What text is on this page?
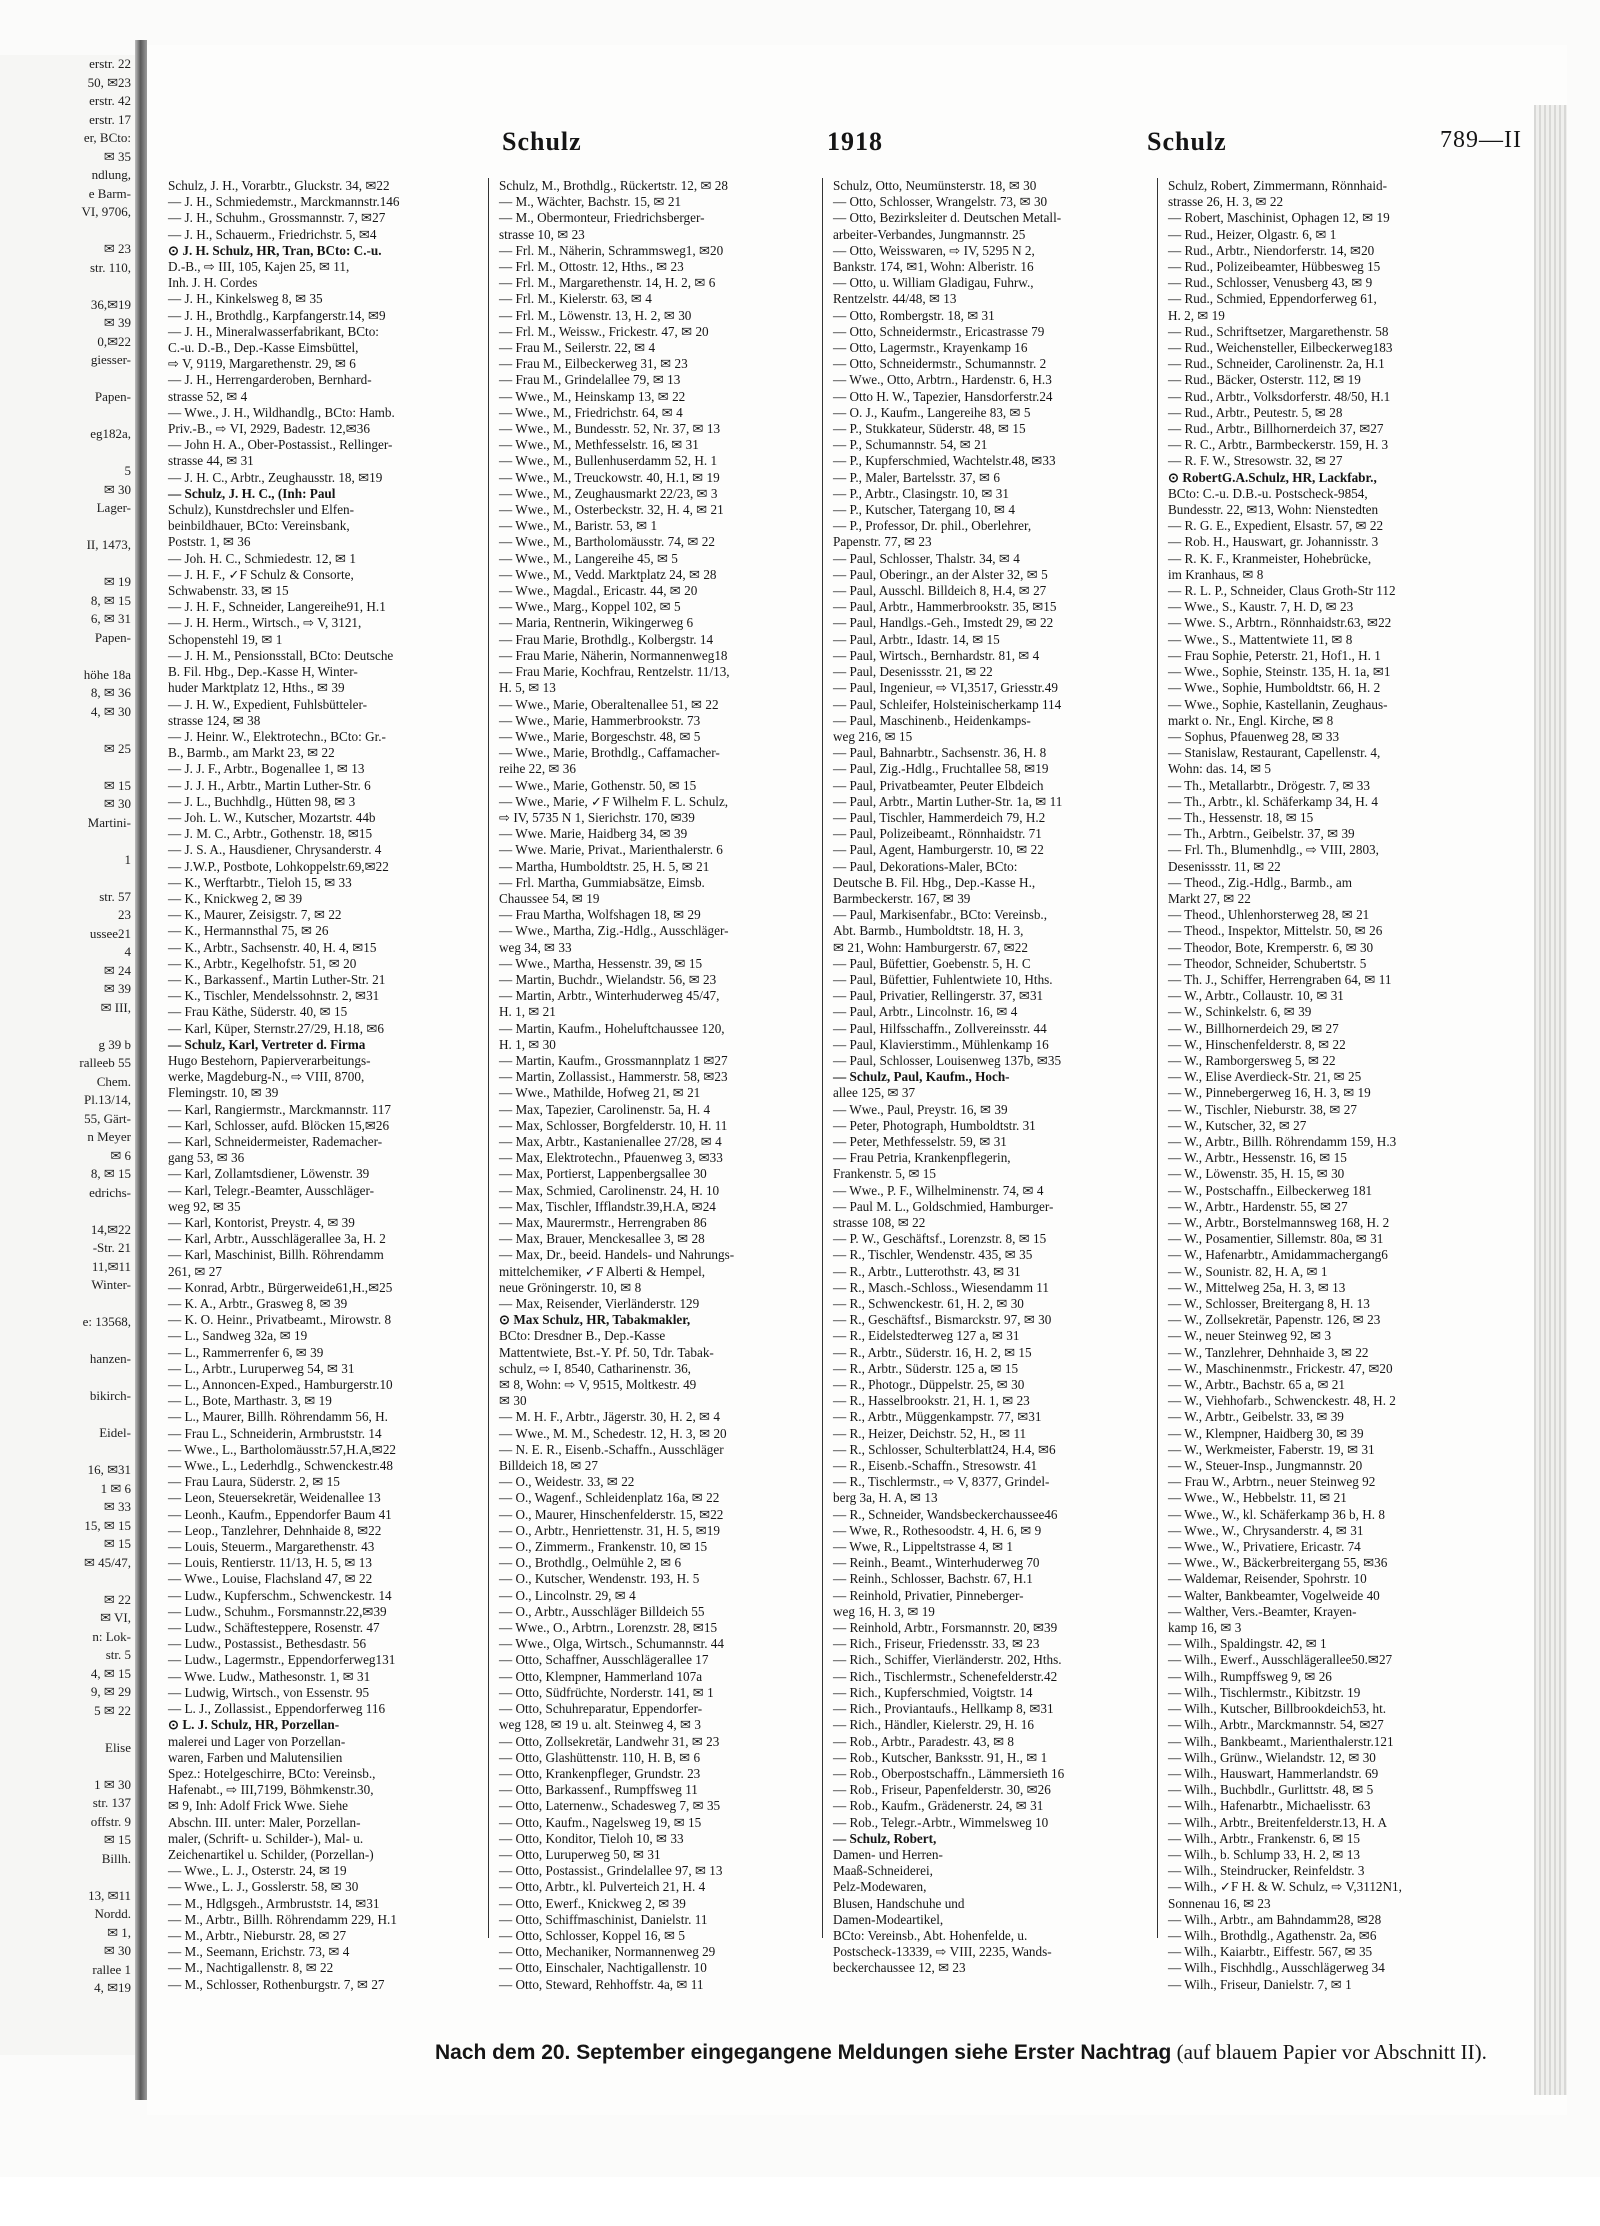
erstr. 22
50, ✉23
erstr. 42
erstr. 17
er, BCto:
✉ 35
ndlung,
e Barm-
VI, 9706,
✉ 23
str. 110,
36,✉19
✉ 39
0,✉22
giesser-
Papen-
eg182a,
5
✉ 30
Lager-
II, 1473,
✉ 19
8, ✉ 15
6, ✉ 31
Papen-
höhe 18a
8, ✉ 36
4, ✉ 30
✉ 25
✉ 15
✉ 30
Martini-
1
str. 57
23
ussee21
4
✉ 24
✉ 39
✉ III,
g 39 b
ralleeb 55
Chem.
Pl.13/14,
55, Gärt-
n Meyer
✉ 6
8, ✉ 15
edrichs-
14,✉22
-Str. 21
11,✉11
Winter-
e: 13568,
hanzen-
bikirch-
Eidel-
16, ✉31
1 ✉ 6
✉ 33
15, ✉ 15
✉ 15
✉ 45/47,
✉ 22
✉ VI,
n: Lok-
str. 5
4, ✉ 15
9, ✉ 29
5 ✉ 22
Elise
1 ✉ 30
str. 137
offstr. 9
✉ 15
Billh.
13, ✉11
Nordd.
✉ 1,
✉ 30
rallee 1
4, ✉19
Schulz	1918	Schulz	789—II
Schulz, J. H., Vorarbtr., Gluckstr. 34, ✉22
— J. H., Schmiedemstr., Marckmannstr.146
— J. H., Schuhm., Grossmannstr. 7, ✉27
— J. H., Schauerm., Friedrichstr. 5, ✉4
⊙ J. H. Schulz, HR, Tran, BCto: C.-u.
D.-B., ⇨ III, 105, Kajen 25, ✉ 11,
Inh. J. H. Cordes
— J. H., Kinkelsweg 8, ✉ 35
— J. H., Brothdlg., Karpfangerstr.14, ✉9
— J. H., Mineralwasserfabrikant, BCto:
C.-u. D.-B., Dep.-Kasse Eimsbüttel,
⇨ V, 9119, Margarethenstr. 29, ✉ 6
— J. H., Herrengarderoben, Bernhard-
strasse 52, ✉ 4
— Wwe., J. H., Wildhandlg., BCto: Hamb.
Priv.-B., ⇨ VI, 2929, Badestr. 12,✉36
— John H. A., Ober-Postassist., Rellinger-
strasse 44, ✉ 31
— J. H. C., Arbtr., Zeughausstr. 18, ✉19
— Schulz, J. H. C., (Inh: Paul
Schulz), Kunstdrechsler und Elfen-
beinbildhauer, BCto: Vereinsbank,
Poststr. 1, ✉ 36
— Joh. H. C., Schmiedestr. 12, ✉ 1
— J. H. F., ✓F Schulz & Consorte,
Schwabenstr. 33, ✉ 15
— J. H. F., Schneider, Langereihe91, H.1
— J. H. Herm., Wirtsch., ⇨ V, 3121,
Schopenstehl 19, ✉ 1
— J. H. M., Pensionsstall, BCto: Deutsche
B. Fil. Hbg., Dep.-Kasse H, Winter-
huder Marktplatz 12, Hths., ✉ 39
— J. H. W., Expedient, Fuhlsbütteler-
strasse 124, ✉ 38
— J. Heinr. W., Elektrotechn., BCto: Gr.-
B., Barmb., am Markt 23, ✉ 22
— J. J. F., Arbtr., Bogenallee 1, ✉ 13
— J. J. H., Arbtr., Martin Luther-Str. 6
— J. L., Buchhdlg., Hütten 98, ✉ 3
— Joh. L. W., Kutscher, Mozartstr. 44b
— J. M. C., Arbtr., Gothenstr. 18, ✉15
— J. S. A., Hausdiener, Chrysanderstr. 4
— J.W.P., Postbote, Lohkoppelstr.69,✉22
— K., Werftarbtr., Tieloh 15, ✉ 33
— K., Knickweg 2, ✉ 39
— K., Maurer, Zeisigstr. 7, ✉ 22
— K., Hermannsthal 75, ✉ 26
— K., Arbtr., Sachsenstr. 40, H. 4, ✉15
— K., Arbtr., Kegelhofstr. 51, ✉ 20
— K., Barkassenf., Martin Luther-Str. 21
— K., Tischler, Mendelssohnstr. 2, ✉31
— Frau Käthe, Süderstr. 40, ✉ 15
— Karl, Küper, Sternstr.27/29, H.18, ✉6
— Schulz, Karl, Vertreter d. Firma
Hugo Bestehorn, Papierverarbeitungs-
werke, Magdeburg-N., ⇨ VIII, 8700,
Flemingstr. 10, ✉ 39
— Karl, Rangiermstr., Marckmannstr. 117
— Karl, Schlosser, aufd. Blöcken 15,✉26
— Karl, Schneidermeister, Rademacher-
gang 53, ✉ 36
— Karl, Zollamtsdiener, Löwenstr. 39
— Karl, Telegr.-Beamter, Ausschläger-
weg 92, ✉ 35
— Karl, Kontorist, Preystr. 4, ✉ 39
— Karl, Arbtr., Ausschlägerallee 3a, H. 2
— Karl, Maschinist, Billh. Röhrendamm
261, ✉ 27
— Konrad, Arbtr., Bürgerweide61,H.,✉25
— K. A., Arbtr., Grasweg 8, ✉ 39
— K. O. Heinr., Privatbeamt., Mirowstr. 8
— L., Sandweg 32a, ✉ 19
— L., Rammerrenfer 6, ✉ 39
— L., Arbtr., Luruperweg 54, ✉ 31
— L., Annoncen-Exped., Hamburgerstr.10
— L., Bote, Marthastr. 3, ✉ 19
— L., Maurer, Billh. Röhrendamm 56, H.
— Frau L., Schneiderin, Armbruststr. 14
— Wwe., L., Bartholomäusstr.57,H.A,✉22
— Wwe., L., Lederhdlg., Schwenckestr.48
— Frau Laura, Süderstr. 2, ✉ 15
— Leon, Steuersekretär, Weidenallee 13
— Leonh., Kaufm., Eppendorfer Baum 41
— Leop., Tanzlehrer, Dehnhaide 8, ✉22
— Louis, Steuerm., Margarethenstr. 43
— Louis, Rentierstr. 11/13, H. 5, ✉ 13
— Wwe., Louise, Flachsland 47, ✉ 22
— Ludw., Kupferschm., Schwenckestr. 14
— Ludw., Schuhm., Forsmannstr.22,✉39
— Ludw., Schäftesteppere, Rosenstr. 47
— Ludw., Postassist., Bethesdastr. 56
— Ludw., Lagermstr., Eppendorferweg131
— Wwe. Ludw., Mathesonstr. 1, ✉ 31
— Ludwig, Wirtsch., von Essenstr. 95
— L. J., Zollassist., Eppendorferweg 116
⊙ L. J. Schulz, HR, Porzellan-
malerei und Lager von Porzellan-
waren, Farben und Malutensilien
Spez.: Hotelgeschirre, BCto: Vereinsb.,
Hafenabt., ⇨ III,7199, Böhmkenstr.30,
✉ 9, Inh: Adolf Frick Wwe. Siehe
Abschn. III. unter: Maler, Porzellan-
maler, (Schrift- u. Schilder-), Mal- u.
Zeichenartikel u. Schilder, (Porzellan-)
— Wwe., L. J., Osterstr. 24, ✉ 19
— Wwe., L. J., Gosslerstr. 58, ✉ 30
— M., Hdlgsgeh., Armbruststr. 14, ✉31
— M., Arbtr., Billh. Röhrendamm 229, H.1
— M., Arbtr., Nieburstr. 28, ✉ 27
— M., Seemann, Erichstr. 73, ✉ 4
— M., Nachtigallenstr. 8, ✉ 22
— M., Schlosser, Rothenburgstr. 7, ✉ 27
Schulz, M., Brothdlg., Rückertstr. 12, ✉ 28
— M., Wächter, Bachstr. 15, ✉ 21
— M., Obermonteur, Friedrichsberger-
strasse 10, ✉ 23
— Frl. M., Näherin, Schrammsweg1, ✉20
— Frl. M., Ottostr. 12, Hths., ✉ 23
— Frl. M., Margarethenstr. 14, H. 2, ✉ 6
— Frl. M., Kielerstr. 63, ✉ 4
— Frl. M., Löwenstr. 13, H. 2, ✉ 30
— Frl. M., Weissw., Frickestr. 47, ✉ 20
— Frau M., Seilerstr. 22, ✉ 4
— Frau M., Eilbeckerweg 31, ✉ 23
— Frau M., Grindelallee 79, ✉ 13
— Wwe., M., Heinskamp 13, ✉ 22
— Wwe., M., Friedrichstr. 64, ✉ 4
— Wwe., M., Bundesstr. 52, Nr. 37, ✉ 13
— Wwe., M., Methfesselstr. 16, ✉ 31
— Wwe., M., Bullenhuserdamm 52, H. 1
— Wwe., M., Treuckowstr. 40, H.1, ✉ 19
— Wwe., M., Zeughausmarkt 22/23, ✉ 3
— Wwe., M., Osterbeckstr. 32, H. 4, ✉ 21
— Wwe., M., Baristr. 53, ✉ 1
— Wwe., M., Bartholomäusstr. 74, ✉ 22
— Wwe., M., Langereihe 45, ✉ 5
— Wwe., M., Vedd. Marktplatz 24, ✉ 28
— Wwe., Magdal., Ericastr. 44, ✉ 20
— Wwe., Marg., Koppel 102, ✉ 5
— Maria, Rentnerin, Wikingerweg 6
— Frau Marie, Brothdlg., Kolbergstr. 14
— Frau Marie, Näherin, Normannenweg18
— Frau Marie, Kochfrau, Rentzelstr. 11/13,
H. 5, ✉ 13
— Wwe., Marie, Oberaltenallee 51, ✉ 22
— Wwe., Marie, Hammerbrookstr. 73
— Wwe., Marie, Borgeschstr. 48, ✉ 5
— Wwe., Marie, Brothdlg., Caffamacher-
reihe 22, ✉ 36
— Wwe., Marie, Gothenstr. 50, ✉ 15
— Wwe., Marie, ✓F Wilhelm F. L. Schulz,
⇨ IV, 5735 N 1, Sierichstr. 170, ✉39
— Wwe. Marie, Haidberg 34, ✉ 39
— Wwe. Marie, Privat., Marienthalerstr. 6
— Martha, Humboldtstr. 25, H. 5, ✉ 21
— Frl. Martha, Gummiabsätze, Eimsb.
Chaussee 54, ✉ 19
— Frau Martha, Wolfshagen 18, ✉ 29
— Wwe., Martha, Zig.-Hdlg., Ausschläger-
weg 34, ✉ 33
— Wwe., Martha, Hessenstr. 39, ✉ 15
— Martin, Buchdr., Wielandstr. 56, ✉ 23
— Martin, Arbtr., Winterhuderweg 45/47,
H. 1, ✉ 21
— Martin, Kaufm., Hoheluftchaussee 120,
H. 1, ✉ 30
— Martin, Kaufm., Grossmannplatz 1 ✉27
— Martin, Zollassist., Hammerstr. 58, ✉23
— Wwe., Mathilde, Hofweg 21, ✉ 21
— Max, Tapezier, Carolinenstr. 5a, H. 4
— Max, Schlosser, Borgfelderstr. 10, H. 11
— Max, Arbtr., Kastanienallee 27/28, ✉ 4
— Max, Elektrotechn., Pfauenweg 3, ✉33
— Max, Portierst, Lappenbergsallee 30
— Max, Schmied, Carolinenstr. 24, H. 10
— Max, Tischler, Ifflandstr.39,H.A, ✉24
— Max, Maurermstr., Herrengraben 86
— Max, Brauer, Menckesallee 3, ✉ 28
— Max, Dr., beeid. Handels- und Nahrungs-
mittelchemiker, ✓F Alberti & Hempel,
neue Gröningerstr. 10, ✉ 8
— Max, Reisender, Vierländerstr. 129
⊙ Max Schulz, HR, Tabakmakler,
BCto: Dresdner B., Dep.-Kasse
Mattentwiete, Bst.-Y. Pf. 50, Tdr. Tabak-
schulz, ⇨ I, 8540, Catharinenstr. 36,
✉ 8, Wohn: ⇨ V, 9515, Moltkestr. 49
✉ 30
— M. H. F., Arbtr., Jägerstr. 30, H. 2, ✉ 4
— Wwe., M. M., Schedestr. 12, H. 3, ✉ 20
— N. E. R., Eisenb.-Schaffn., Ausschläger
Billdeich 18, ✉ 27
— O., Weidestr. 33, ✉ 22
— O., Wagenf., Schleidenplatz 16a, ✉ 22
— O., Maurer, Hinschenfelderstr. 15, ✉22
— O., Arbtr., Henriettenstr. 31, H. 5, ✉19
— O., Zimmerm., Frankenstr. 10, ✉ 15
— O., Brothdlg., Oelmühle 2, ✉ 6
— O., Kutscher, Wendenstr. 193, H. 5
— O., Lincolnstr. 29, ✉ 4
— O., Arbtr., Ausschläger Billdeich 55
— Wwe., O., Arbtrn., Lorenzstr. 28, ✉15
— Wwe., Olga, Wirtsch., Schumannstr. 44
— Otto, Schaffner, Ausschlägerallee 17
— Otto, Klempner, Hammerland 107a
— Otto, Südfrüchte, Norderstr. 141, ✉ 1
— Otto, Schuhreparatur, Eppendorfer-
weg 128, ✉ 19 u. alt. Steinweg 4, ✉ 3
— Otto, Zollsekretär, Landwehr 31, ✉ 23
— Otto, Glashüttenstr. 110, H. B, ✉ 6
— Otto, Krankenpfleger, Grundstr. 23
— Otto, Barkassenf., Rumpffsweg 11
— Otto, Laternenw., Schadesweg 7, ✉ 35
— Otto, Kaufm., Nagelsweg 19, ✉ 15
— Otto, Konditor, Tieloh 10, ✉ 33
— Otto, Luruperweg 50, ✉ 31
— Otto, Postassist., Grindelallee 97, ✉ 13
— Otto, Arbtr., kl. Pulverteich 21, H. 4
— Otto, Ewerf., Knickweg 2, ✉ 39
— Otto, Schiffmaschinist, Danielstr. 11
— Otto, Schlosser, Koppel 16, ✉ 5
— Otto, Mechaniker, Normannenweg 29
— Otto, Einschaler, Nachtigallenstr. 10
— Otto, Steward, Rehhoffstr. 4a, ✉ 11
Schulz, Otto, Neumünsterstr. 18, ✉ 30
— Otto, Schlosser, Wrangelstr. 73, ✉ 30
— Otto, Bezirksleiter d. Deutschen Metall-
arbeiter-Verbandes, Jungmannstr. 25
— Otto, Weisswaren, ⇨ IV, 5295 N 2,
Bankstr. 174, ✉1, Wohn: Alberistr. 16
— Otto, u. William Gladigau, Fuhrw.,
Rentzelstr. 44/48, ✉ 13
— Otto, Rombergstr. 18, ✉ 31
— Otto, Schneidermstr., Ericastrasse 79
— Otto, Lagermstr., Krayenkamp 16
— Otto, Schneidermstr., Schumannstr. 2
— Wwe., Otto, Arbtrn., Hardenstr. 6, H.3
— Otto H. W., Tapezier, Hansdorferstr.24
— O. J., Kaufm., Langereihe 83, ✉ 5
— P., Stukkateur, Süderstr. 48, ✉ 15
— P., Schumannstr. 54, ✉ 21
— P., Kupferschmied, Wachtelstr.48, ✉33
— P., Maler, Bartelsstr. 37, ✉ 6
— P., Arbtr., Clasingstr. 10, ✉ 31
— P., Kutscher, Tatergang 10, ✉ 4
— P., Professor, Dr. phil., Oberlehrer,
Papenstr. 77, ✉ 23
— Paul, Schlosser, Thalstr. 34, ✉ 4
— Paul, Oberingr., an der Alster 32, ✉ 5
— Paul, Ausschl. Billdeich 8, H.4, ✉ 27
— Paul, Arbtr., Hammerbrookstr. 35, ✉15
— Paul, Handlgs.-Geh., Imstedt 29, ✉ 22
— Paul, Arbtr., Idastr. 14, ✉ 15
— Paul, Wirtsch., Bernhardstr. 81, ✉ 4
— Paul, Desenissstr. 21, ✉ 22
— Paul, Ingenieur, ⇨ VI,3517, Griesstr.49
— Paul, Schleifer, Holsteinischerkamp 114
— Paul, Maschinenb., Heidenkamps-
weg 216, ✉ 15
— Paul, Bahnarbtr., Sachsenstr. 36, H. 8
— Paul, Zig.-Hdlg., Fruchtallee 58, ✉19
— Paul, Privatbeamter, Peuter Elbdeich
— Paul, Arbtr., Martin Luther-Str. 1a, ✉ 11
— Paul, Tischler, Hammerdeich 79, H.2
— Paul, Polizeibeamt., Rönnhaidstr. 71
— Paul, Agent, Hamburgerstr. 10, ✉ 22
— Paul, Dekorations-Maler, BCto:
Deutsche B. Fil. Hbg., Dep.-Kasse H.,
Barmbeckerstr. 167, ✉ 39
— Paul, Markisenfabr., BCto: Vereinsb.,
Abt. Barmb., Humboldtstr. 18, H. 3,
✉ 21, Wohn: Hamburgerstr. 67, ✉22
— Paul, Büfettier, Goebenstr. 5, H. C
— Paul, Büfettier, Fuhlentwiete 10, Hths.
— Paul, Privatier, Rellingerstr. 37, ✉31
— Paul, Arbtr., Lincolnstr. 16, ✉ 4
— Paul, Hilfsschaffn., Zollvereinsstr. 44
— Paul, Klavierstimm., Mühlenkamp 16
— Paul, Schlosser, Louisenweg 137b, ✉35
— Schulz, Paul, Kaufm., Hoch-
allee 125, ✉ 37
— Wwe., Paul, Preystr. 16, ✉ 39
— Peter, Photograph, Humboldtstr. 31
— Peter, Methfesselstr. 59, ✉ 31
— Frau Petria, Krankenpflegerin,
Frankenstr. 5, ✉ 15
— Wwe., P. F., Wilhelminenstr. 74, ✉ 4
— Paul M. L., Goldschmied, Hamburger-
strasse 108, ✉ 22
— P. W., Geschäftsf., Lorenzstr. 8, ✉ 15
— R., Tischler, Wendenstr. 435, ✉ 35
— R., Arbtr., Lutterothstr. 43, ✉ 31
— R., Masch.-Schloss., Wiesendamm 11
— R., Schwenckestr. 61, H. 2, ✉ 30
— R., Geschäftsf., Bismarckstr. 97, ✉ 30
— R., Eidelstedterweg 127 a, ✉ 31
— R., Arbtr., Süderstr. 16, H. 2, ✉ 15
— R., Arbtr., Süderstr. 125 a, ✉ 15
— R., Photogr., Düppelstr. 25, ✉ 30
— R., Hasselbrookstr. 21, H. 1, ✉ 23
— R., Arbtr., Müggenkampstr. 77, ✉31
— R., Heizer, Deichstr. 52, H., ✉ 11
— R., Schlosser, Schulterblatt24, H.4, ✉6
— R., Eisenb.-Schaffn., Stresowstr. 41
— R., Tischlermstr., ⇨ V, 8377, Grindel-
berg 3a, H. A, ✉ 13
— R., Schneider, Wandsbeckerchaussee46
— Wwe, R., Rothesoodstr. 4, H. 6, ✉ 9
— Wwe, R., Lippeltstrasse 4, ✉ 1
— Reinh., Beamt., Winterhuderweg 70
— Reinh., Schlosser, Bachstr. 67, H.1
— Reinhold, Privatier, Pinneberger-
weg 16, H. 3, ✉ 19
— Reinhold, Arbtr., Forsmannstr. 20, ✉39
— Rich., Friseur, Friedensstr. 33, ✉ 23
— Rich., Schiffer, Vierländerstr. 202, Hths.
— Rich., Tischlermstr., Schenefelderstr.42
— Rich., Kupferschmied, Voigtstr. 14
— Rich., Proviantaufs., Hellkamp 8, ✉31
— Rich., Händler, Kielerstr. 29, H. 16
— Rob., Arbtr., Paradestr. 43, ✉ 8
— Rob., Kutscher, Banksstr. 91, H., ✉ 1
— Rob., Oberpostschaffn., Lämmersieth 16
— Rob., Friseur, Papenfelderstr. 30, ✉26
— Rob., Kaufm., Grädenerstr. 24, ✉ 31
— Rob., Telegr.-Arbtr., Wimmelsweg 10
— Schulz, Robert,
Damen- und Herren-
Maaß-Schneiderei,
Pelz-Modewaren,
Blusen, Handschuhe und
Damen-Modeartikel,
BCto: Vereinsb., Abt. Hohenfelde, u.
Postscheck-13339, ⇨ VIII, 2235, Wands-
beckerchaussee 12, ✉ 23
Schulz, Robert, Zimmermann, Rönnhaid-
strasse 26, H. 3, ✉ 22
— Robert, Maschinist, Ophagen 12, ✉ 19
— Rud., Heizer, Olgastr. 6, ✉ 1
— Rud., Arbtr., Niendorferstr. 14, ✉20
— Rud., Polizeibeamter, Hübbesweg 15
— Rud., Schlosser, Venusberg 43, ✉ 9
— Rud., Schmied, Eppendorferweg 61,
H. 2, ✉ 19
— Rud., Schriftsetzer, Margarethenstr. 58
— Rud., Weichensteller, Eilbeckerweg183
— Rud., Schneider, Carolinenstr. 2a, H.1
— Rud., Bäcker, Osterstr. 112, ✉ 19
— Rud., Arbtr., Volksdorferstr. 48/50, H.1
— Rud., Arbtr., Peutestr. 5, ✉ 28
— Rud., Arbtr., Billhornerdeich 37, ✉27
— R. C., Arbtr., Barmbeckerstr. 159, H. 3
— R. F. W., Stresowstr. 32, ✉ 27
⊙ RobertG.A.Schulz, HR, Lackfabr.,
BCto: C.-u. D.B.-u. Postscheck-9854,
Bundesstr. 22, ✉13, Wohn: Nienstedten
— R. G. E., Expedient, Elsastr. 57, ✉ 22
— Rob. H., Hauswart, gr. Johannisstr. 3
— R. K. F., Kranmeister, Hohebrücke,
im Kranhaus, ✉ 8
— R. L. P., Schneider, Claus Groth-Str 112
— Wwe., S., Kaustr. 7, H. D, ✉ 23
— Wwe. S., Arbtrn., Rönnhaidstr.63, ✉22
— Wwe., S., Mattentwiete 11, ✉ 8
— Frau Sophie, Peterstr. 21, Hof1., H. 1
— Wwe., Sophie, Steinstr. 135, H. 1a, ✉1
— Wwe., Sophie, Humboldtstr. 66, H. 2
— Wwe., Sophie, Kastellanin, Zeughaus-
markt o. Nr., Engl. Kirche, ✉ 8
— Sophus, Pfauenweg 28, ✉ 33
— Stanislaw, Restaurant, Capellenstr. 4,
Wohn: das. 14, ✉ 5
— Th., Metallarbtr., Drögestr. 7, ✉ 33
— Th., Arbtr., kl. Schäferkamp 34, H. 4
— Th., Hessenstr. 18, ✉ 15
— Th., Arbtrn., Geibelstr. 37, ✉ 39
— Frl. Th., Blumenhdlg., ⇨ VIII, 2803,
Desenissstr. 11, ✉ 22
— Theod., Zig.-Hdlg., Barmb., am
Markt 27, ✉ 22
— Theod., Uhlenhorsterweg 28, ✉ 21
— Theod., Inspektor, Mittelstr. 50, ✉ 26
— Theodor, Bote, Kremperstr. 6, ✉ 30
— Theodor, Schneider, Schubertstr. 5
— Th. J., Schiffer, Herrengraben 64, ✉ 11
— W., Arbtr., Collaustr. 10, ✉ 31
— W., Schinkelstr. 6, ✉ 39
— W., Billhornerdeich 29, ✉ 27
— W., Hinschenfelderstr. 8, ✉ 22
— W., Ramborgersweg 5, ✉ 22
— W., Elise Averdieck-Str. 21, ✉ 25
— W., Pinnebergerweg 16, H. 3, ✉ 19
— W., Tischler, Nieburstr. 38, ✉ 27
— W., Kutscher, 32, ✉ 27
— W., Arbtr., Billh. Röhrendamm 159, H.3
— W., Arbtr., Hessenstr. 16, ✉ 15
— W., Löwenstr. 35, H. 15, ✉ 30
— W., Postschaffn., Eilbeckerweg 181
— W., Arbtr., Hardenstr. 55, ✉ 27
— W., Arbtr., Borstelmannsweg 168, H. 2
— W., Posamentier, Sillemstr. 80a, ✉ 31
— W., Hafenarbtr., Amidammachergang6
— W., Sounistr. 82, H. A, ✉ 1
— W., Mittelweg 25a, H. 3, ✉ 13
— W., Schlosser, Breitergang 8, H. 13
— W., Zollsekretär, Papenstr. 126, ✉ 23
— W., neuer Steinweg 92, ✉ 3
— W., Tanzlehrer, Dehnhaide 3, ✉ 22
— W., Maschinenmstr., Frickestr. 47, ✉20
— W., Arbtr., Bachstr. 65 a, ✉ 21
— W., Viehhofarb., Schwenckestr. 48, H. 2
— W., Arbtr., Geibelstr. 33, ✉ 39
— W., Klempner, Haidberg 30, ✉ 39
— W., Werkmeister, Faberstr. 19, ✉ 31
— W., Steuer-Insp., Jungmannstr. 20
— Frau W., Arbtrn., neuer Steinweg 92
— Wwe., W., Hebbelstr. 11, ✉ 21
— Wwe., W., kl. Schäferkamp 36 b, H. 8
— Wwe., W., Chrysanderstr. 4, ✉ 31
— Wwe., W., Privatiere, Ericastr. 74
— Wwe., W., Bäckerbreitergang 55, ✉36
— Waldemar, Reisender, Spohrstr. 10
— Walter, Bankbeamter, Vogelweide 40
— Walther, Vers.-Beamter, Krayen-
kamp 16, ✉ 3
— Wilh., Spaldingstr. 42, ✉ 1
— Wilh., Ewerf., Ausschlägerallee50.✉27
— Wilh., Rumpffsweg 9, ✉ 26
— Wilh., Tischlermstr., Kibitzstr. 19
— Wilh., Kutscher, Billbrookdeich53, ht.
— Wilh., Arbtr., Marckmannstr. 54, ✉27
— Wilh., Bankbeamt., Marienthalerstr.121
— Wilh., Grünw., Wielandstr. 12, ✉ 30
— Wilh., Hauswart, Hammerlandstr. 69
— Wilh., Buchbdlr., Gurlittstr. 48, ✉ 5
— Wilh., Hafenarbtr., Michaelisstr. 63
— Wilh., Arbtr., Breitenfelderstr.13, H. A
— Wilh., Arbtr., Frankenstr. 6, ✉ 15
— Wilh., b. Schlump 33, H. 2, ✉ 13
— Wilh., Steindrucker, Reinfeldstr. 3
— Wilh., ✓F H. & W. Schulz, ⇨ V,3112N1,
Sonnenau 16, ✉ 23
— Wilh., Arbtr., am Bahndamm28, ✉28
— Wilh., Brothdlg., Agathenstr. 2a, ✉6
— Wilh., Kaiarbtr., Eiffestr. 567, ✉ 35
— Wilh., Fischhdlg., Ausschlägerweg 34
— Wilh., Friseur, Danielstr. 7, ✉ 1
Nach dem 20. September eingegangene Meldungen siehe Erster Nachtrag (auf blauem Papier vor Abschnitt II).
